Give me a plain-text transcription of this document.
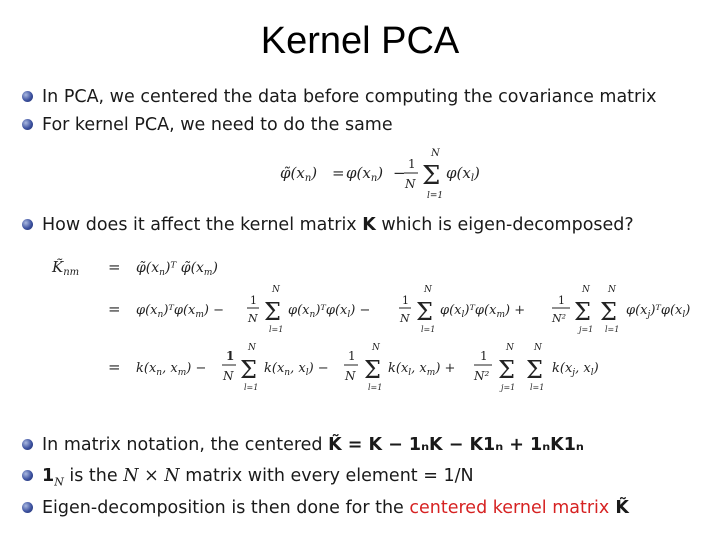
Kernel PCA
In PCA, we centered the data before computing the covariance matrix
For kernel PCA, we need to do the same
$\varphĩ(x_n) = \varphi(x_n) - 1$
N
N
Σ
l=1
$\varphi(x_l)$
How does it affect the kernel matrix K which is eigen-decomposed?
$K̃_{nm}$ = $\varphĩ(x_n)ᵀ$ $\varphĩ(x_m)$
= $\varphi(x_n)ᵀ\varphi(x_m)$ −
1
N
N
Σ
l=1
$\varphi(x_n)ᵀ\varphi(x_l)$ −
1
N
N
Σ
l=1
$\varphi(x_l)ᵀ\varphi(x_m)$ +
1
N²
N
Σ
j=1
N
Σ
l=1
$\varphi(x_j)ᵀ\varphi(x_l)$
= $k(x_n$, $x_m$) −
1
N
N
Σ
l=1
$k(x_n$, $x_l$) −
1
N
N
Σ
l=1
$k(x_l$, $x_m$) +
1
N²
N
Σ
j=1
N
Σ
l=1
$k(x_j$, $x_l$)
In matrix notation, the centered K̃ = K − 1ₙK − K1ₙ + 1ₙK1ₙ
$1_N$ is the N × N matrix with every element = 1/N
Eigen-decomposition is then done for the centered kernel matrix K̃
